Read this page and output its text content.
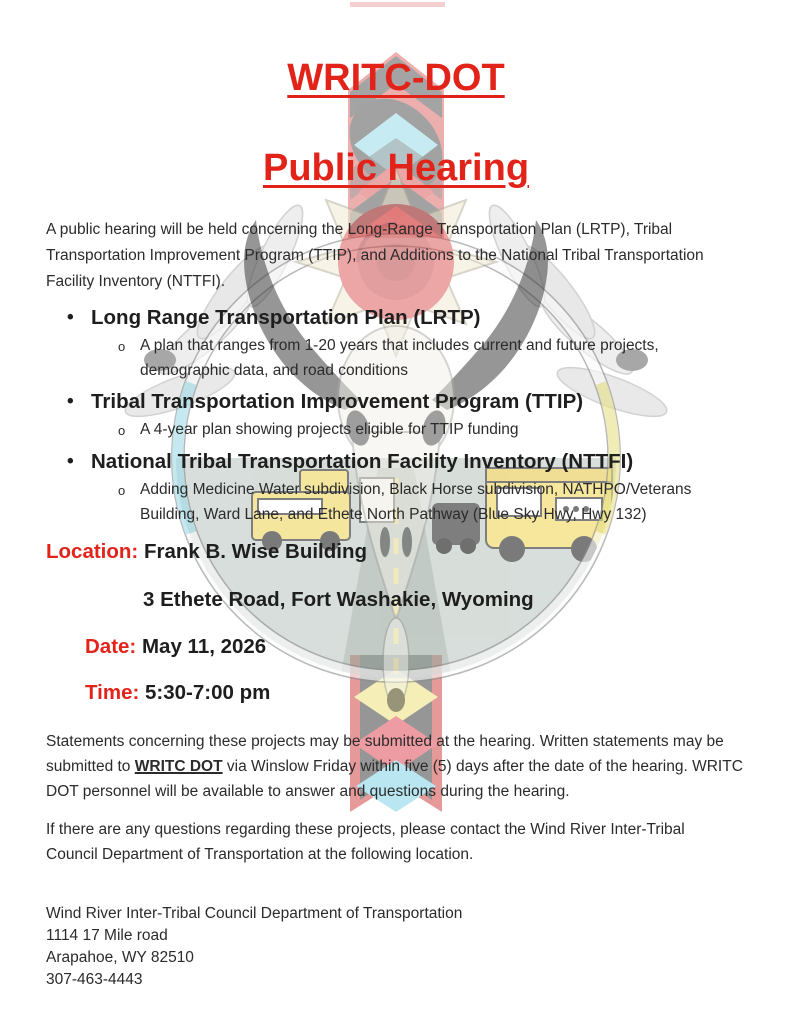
WRITC-DOT
Public Hearing

A public hearing will be held concerning the Long-Range Transportation Plan (LRTP), Tribal Transportation Improvement Program (TTIP), and Additions to the National Tribal Transportation Facility Inventory (NTTFI).

• Long Range Transportation Plan (LRTP)
o A plan that ranges from 1-20 years that includes current and future projects, demographic data, and road conditions
• Tribal Transportation Improvement Program (TTIP)
o A 4-year plan showing projects eligible for TTIP funding
• National Tribal Transportation Facility Inventory (NTTFI)
o Adding Medicine Water subdivision, Black Horse subdivision, NATHPO/Veterans Building, Ward Lane, and Ethete North Pathway (Blue Sky Hwy, Hwy 132)
Location: Frank B. Wise Building
3 Ethete Road, Fort Washakie, Wyoming
Date: May 11, 2026
Time: 5:30-7:00 pm

Statements concerning these projects may be submitted at the hearing. Written statements may be submitted to WRITC DOT via Winslow Friday within five (5) days after the date of the hearing. WRITC DOT personnel will be available to answer and questions during the hearing.

If there are any questions regarding these projects, please contact the Wind River Inter-Tribal Council Department of Transportation at the following location.

Wind River Inter-Tribal Council Department of Transportation
1114 17 Mile road
Arapahoe, WY 82510
307-463-4443
